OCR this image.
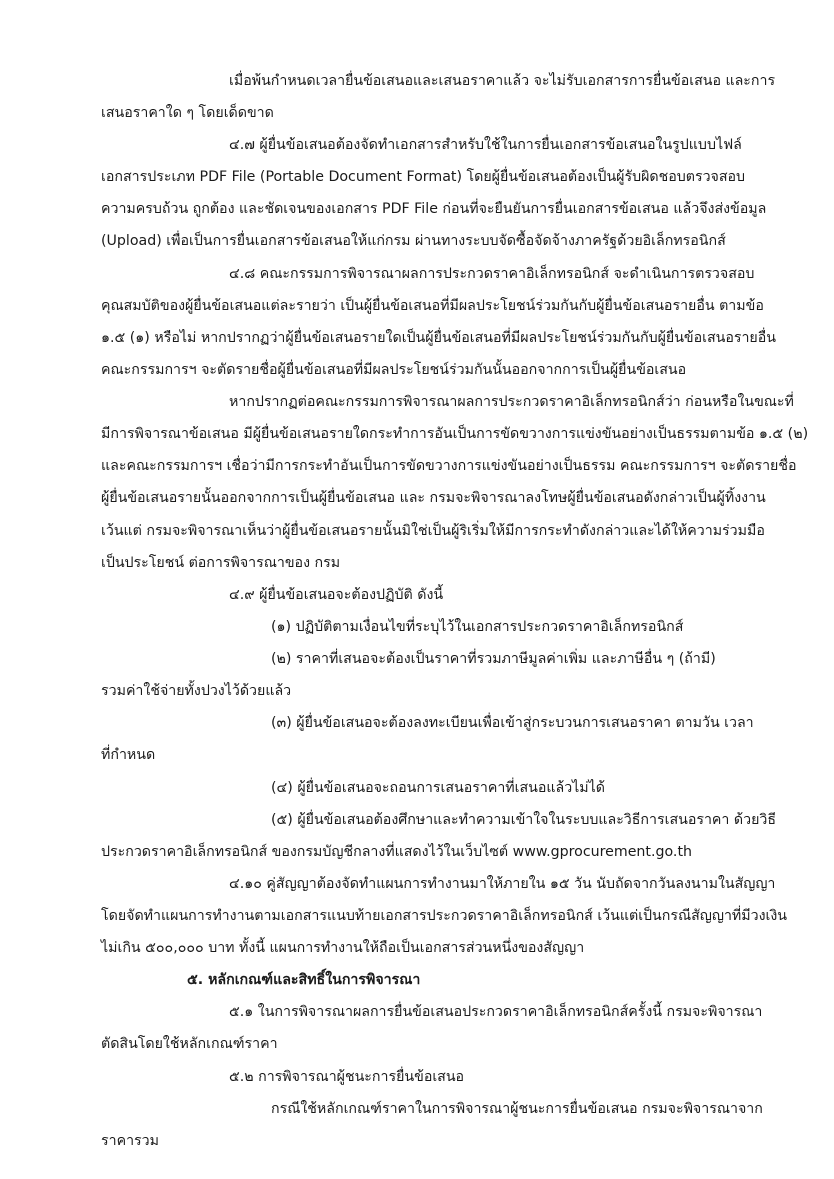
เมื่อพ้นกำหนดเวลายื่นข้อเสนอและเสนอราคาแล้ว จะไม่รับเอกสารการยื่นข้อเสนอ และการ
เสนอราคาใด ๆ โดยเด็ดขาด
๔.๗ ผู้ยื่นข้อเสนอต้องจัดทำเอกสารสำหรับใช้ในการยื่นเอกสารข้อเสนอในรูปแบบไฟล์
เอกสารประเภท PDF File (Portable Document Format) โดยผู้ยื่นข้อเสนอต้องเป็นผู้รับผิดชอบตรวจสอบ
ความครบถ้วน ถูกต้อง และชัดเจนของเอกสาร PDF File ก่อนที่จะยืนยันการยื่นเอกสารข้อเสนอ แล้วจึงส่งข้อมูล
(Upload) เพื่อเป็นการยื่นเอกสารข้อเสนอให้แก่กรม ผ่านทางระบบจัดซื้อจัดจ้างภาครัฐด้วยอิเล็กทรอนิกส์
๔.๘ คณะกรรมการพิจารณาผลการประกวดราคาอิเล็กทรอนิกส์ จะดำเนินการตรวจสอบ
คุณสมบัติของผู้ยื่นข้อเสนอแต่ละรายว่า เป็นผู้ยื่นข้อเสนอที่มีผลประโยชน์ร่วมกันกับผู้ยื่นข้อเสนอรายอื่น ตามข้อ
๑.๕ (๑) หรือไม่ หากปรากฏว่าผู้ยื่นข้อเสนอรายใดเป็นผู้ยื่นข้อเสนอที่มีผลประโยชน์ร่วมกันกับผู้ยื่นข้อเสนอรายอื่น
คณะกรรมการฯ จะตัดรายชื่อผู้ยื่นข้อเสนอที่มีผลประโยชน์ร่วมกันนั้นออกจากการเป็นผู้ยื่นข้อเสนอ
หากปรากฏต่อคณะกรรมการพิจารณาผลการประกวดราคาอิเล็กทรอนิกส์ว่า ก่อนหรือในขณะที่
มีการพิจารณาข้อเสนอ มีผู้ยื่นข้อเสนอรายใดกระทำการอันเป็นการขัดขวางการแข่งขันอย่างเป็นธรรมตามข้อ ๑.๕ (๒)
และคณะกรรมการฯ เชื่อว่ามีการกระทำอันเป็นการขัดขวางการแข่งขันอย่างเป็นธรรม คณะกรรมการฯ จะตัดรายชื่อ
ผู้ยื่นข้อเสนอรายนั้นออกจากการเป็นผู้ยื่นข้อเสนอ และ กรมจะพิจารณาลงโทษผู้ยื่นข้อเสนอดังกล่าวเป็นผู้ทิ้งงาน
เว้นแต่ กรมจะพิจารณาเห็นว่าผู้ยื่นข้อเสนอรายนั้นมิใช่เป็นผู้ริเริ่มให้มีการกระทำดังกล่าวและได้ให้ความร่วมมือ
เป็นประโยชน์ ต่อการพิจารณาของ กรม
๔.๙ ผู้ยื่นข้อเสนอจะต้องปฏิบัติ ดังนี้
(๑) ปฏิบัติตามเงื่อนไขที่ระบุไว้ในเอกสารประกวดราคาอิเล็กทรอนิกส์
(๒) ราคาที่เสนอจะต้องเป็นราคาที่รวมภาษีมูลค่าเพิ่ม และภาษีอื่น ๆ (ถ้ามี)
รวมค่าใช้จ่ายทั้งปวงไว้ด้วยแล้ว
(๓) ผู้ยื่นข้อเสนอจะต้องลงทะเบียนเพื่อเข้าสู่กระบวนการเสนอราคา ตามวัน เวลา
ที่กำหนด
(๔) ผู้ยื่นข้อเสนอจะถอนการเสนอราคาที่เสนอแล้วไม่ได้
(๕) ผู้ยื่นข้อเสนอต้องศึกษาและทำความเข้าใจในระบบและวิธีการเสนอราคา ด้วยวิธี
ประกวดราคาอิเล็กทรอนิกส์ ของกรมบัญชีกลางที่แสดงไว้ในเว็บไซต์ www.gprocurement.go.th
๔.๑๐ คู่สัญญาต้องจัดทำแผนการทำงานมาให้ภายใน ๑๕ วัน นับถัดจากวันลงนามในสัญญา
โดยจัดทำแผนการทำงานตามเอกสารแนบท้ายเอกสารประกวดราคาอิเล็กทรอนิกส์ เว้นแต่เป็นกรณีสัญญาที่มีวงเงิน
ไม่เกิน ๕๐๐,๐๐๐ บาท ทั้งนี้ แผนการทำงานให้ถือเป็นเอกสารส่วนหนึ่งของสัญญา
๕. หลักเกณฑ์และสิทธิ์ในการพิจารณา
๕.๑ ในการพิจารณาผลการยื่นข้อเสนอประกวดราคาอิเล็กทรอนิกส์ครั้งนี้ กรมจะพิจารณา
ตัดสินโดยใช้หลักเกณฑ์ราคา
๕.๒ การพิจารณาผู้ชนะการยื่นข้อเสนอ
กรณีใช้หลักเกณฑ์ราคาในการพิจารณาผู้ชนะการยื่นข้อเสนอ กรมจะพิจารณาจาก
ราคารวม
